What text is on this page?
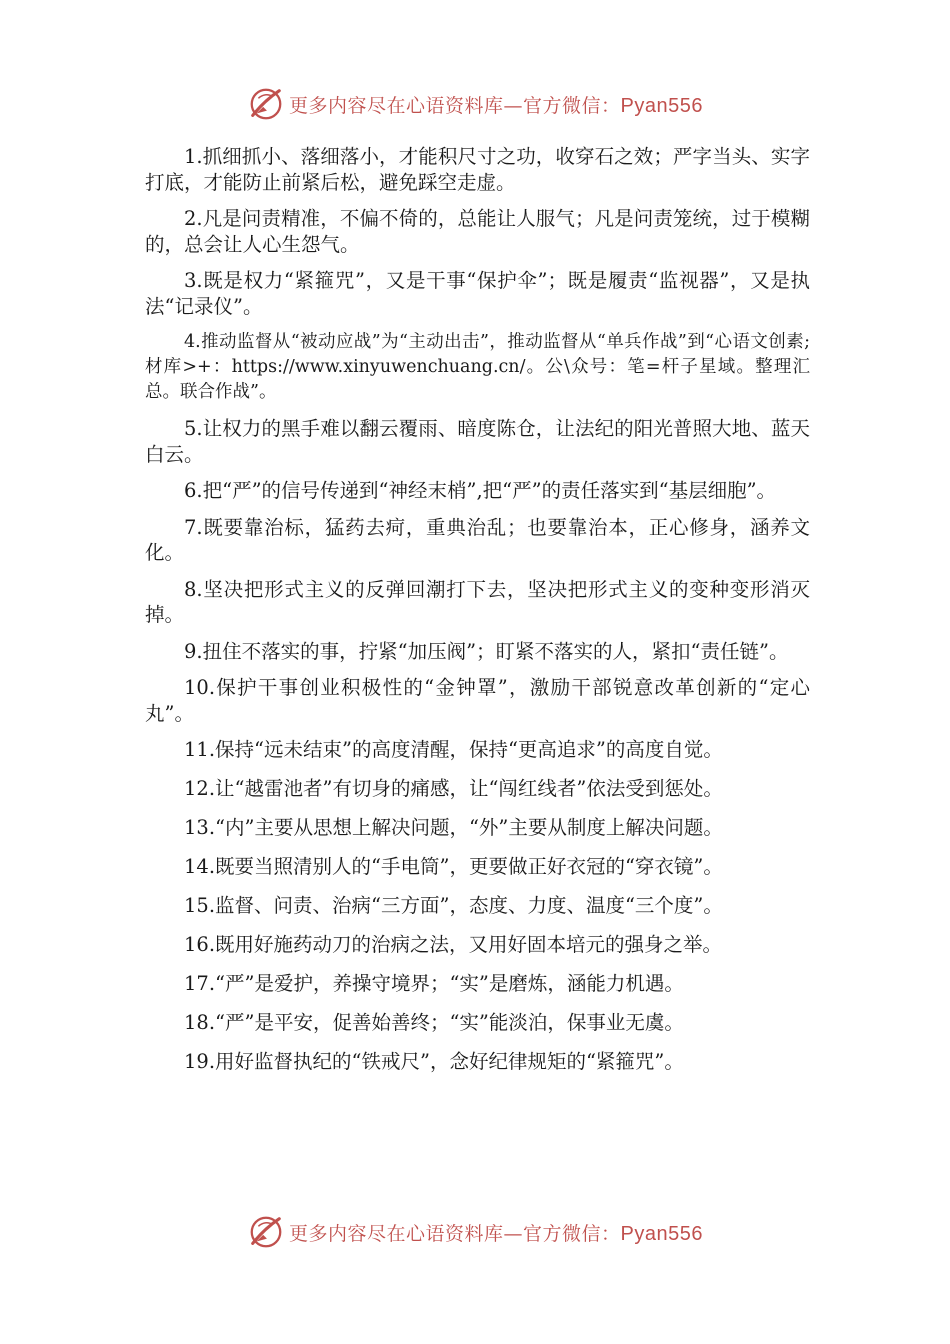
更多内容尽在心语资料库—官方微信：Pyan556

1.抓细抓小、落细落小，才能积尺寸之功，收穿石之效；严字当头、实字打底，才能防止前紧后松，避免踩空走虚。

2.凡是问责精准，不偏不倚的，总能让人服气；凡是问责笼统，过于模糊的，总会让人心生怨气。

3.既是权力“紧箍咒”，又是干事“保护伞”；既是履责“监视器”，又是执法“记录仪”。

4.推动监督从“被动应战”为“主动出击”，推动监督从“单兵作战”到“心语文创素;材库>+：https://www.xinyuwenchuang.cn/。公\众号：笔=杆子星域。整理汇总。联合作战”。

5.让权力的黑手难以翻云覆雨、暗度陈仓，让法纪的阳光普照大地、蓝天白云。

6.把“严”的信号传递到“神经末梢”,把“严”的责任落实到“基层细胞”。

7.既要靠治标，猛药去疴，重典治乱；也要靠治本，正心修身，涵养文化。

8.坚决把形式主义的反弹回潮打下去，坚决把形式主义的变种变形消灭掉。

9.扭住不落实的事，拧紧“加压阀”；盯紧不落实的人，紧扣“责任链”。

10.保护干事创业积极性的“金钟罩”，激励干部锐意改革创新的“定心丸”。

11.保持“远未结束”的高度清醒，保持“更高追求”的高度自觉。

12.让“越雷池者”有切身的痛感，让“闯红线者”依法受到惩处。

13.“内”主要从思想上解决问题，“外”主要从制度上解决问题。

14.既要当照清别人的“手电筒”，更要做正好衣冠的“穿衣镜”。

15.监督、问责、治病“三方面”，态度、力度、温度“三个度”。

16.既用好施药动刀的治病之法，又用好固本培元的强身之举。

17.“严”是爱护，养操守境界；“实”是磨炼，涵能力机遇。

18.“严”是平安，促善始善终；“实”能淡泊，保事业无虞。

19.用好监督执纪的“铁戒尺”，念好纪律规矩的“紧箍咒”。

更多内容尽在心语资料库—官方微信：Pyan556
